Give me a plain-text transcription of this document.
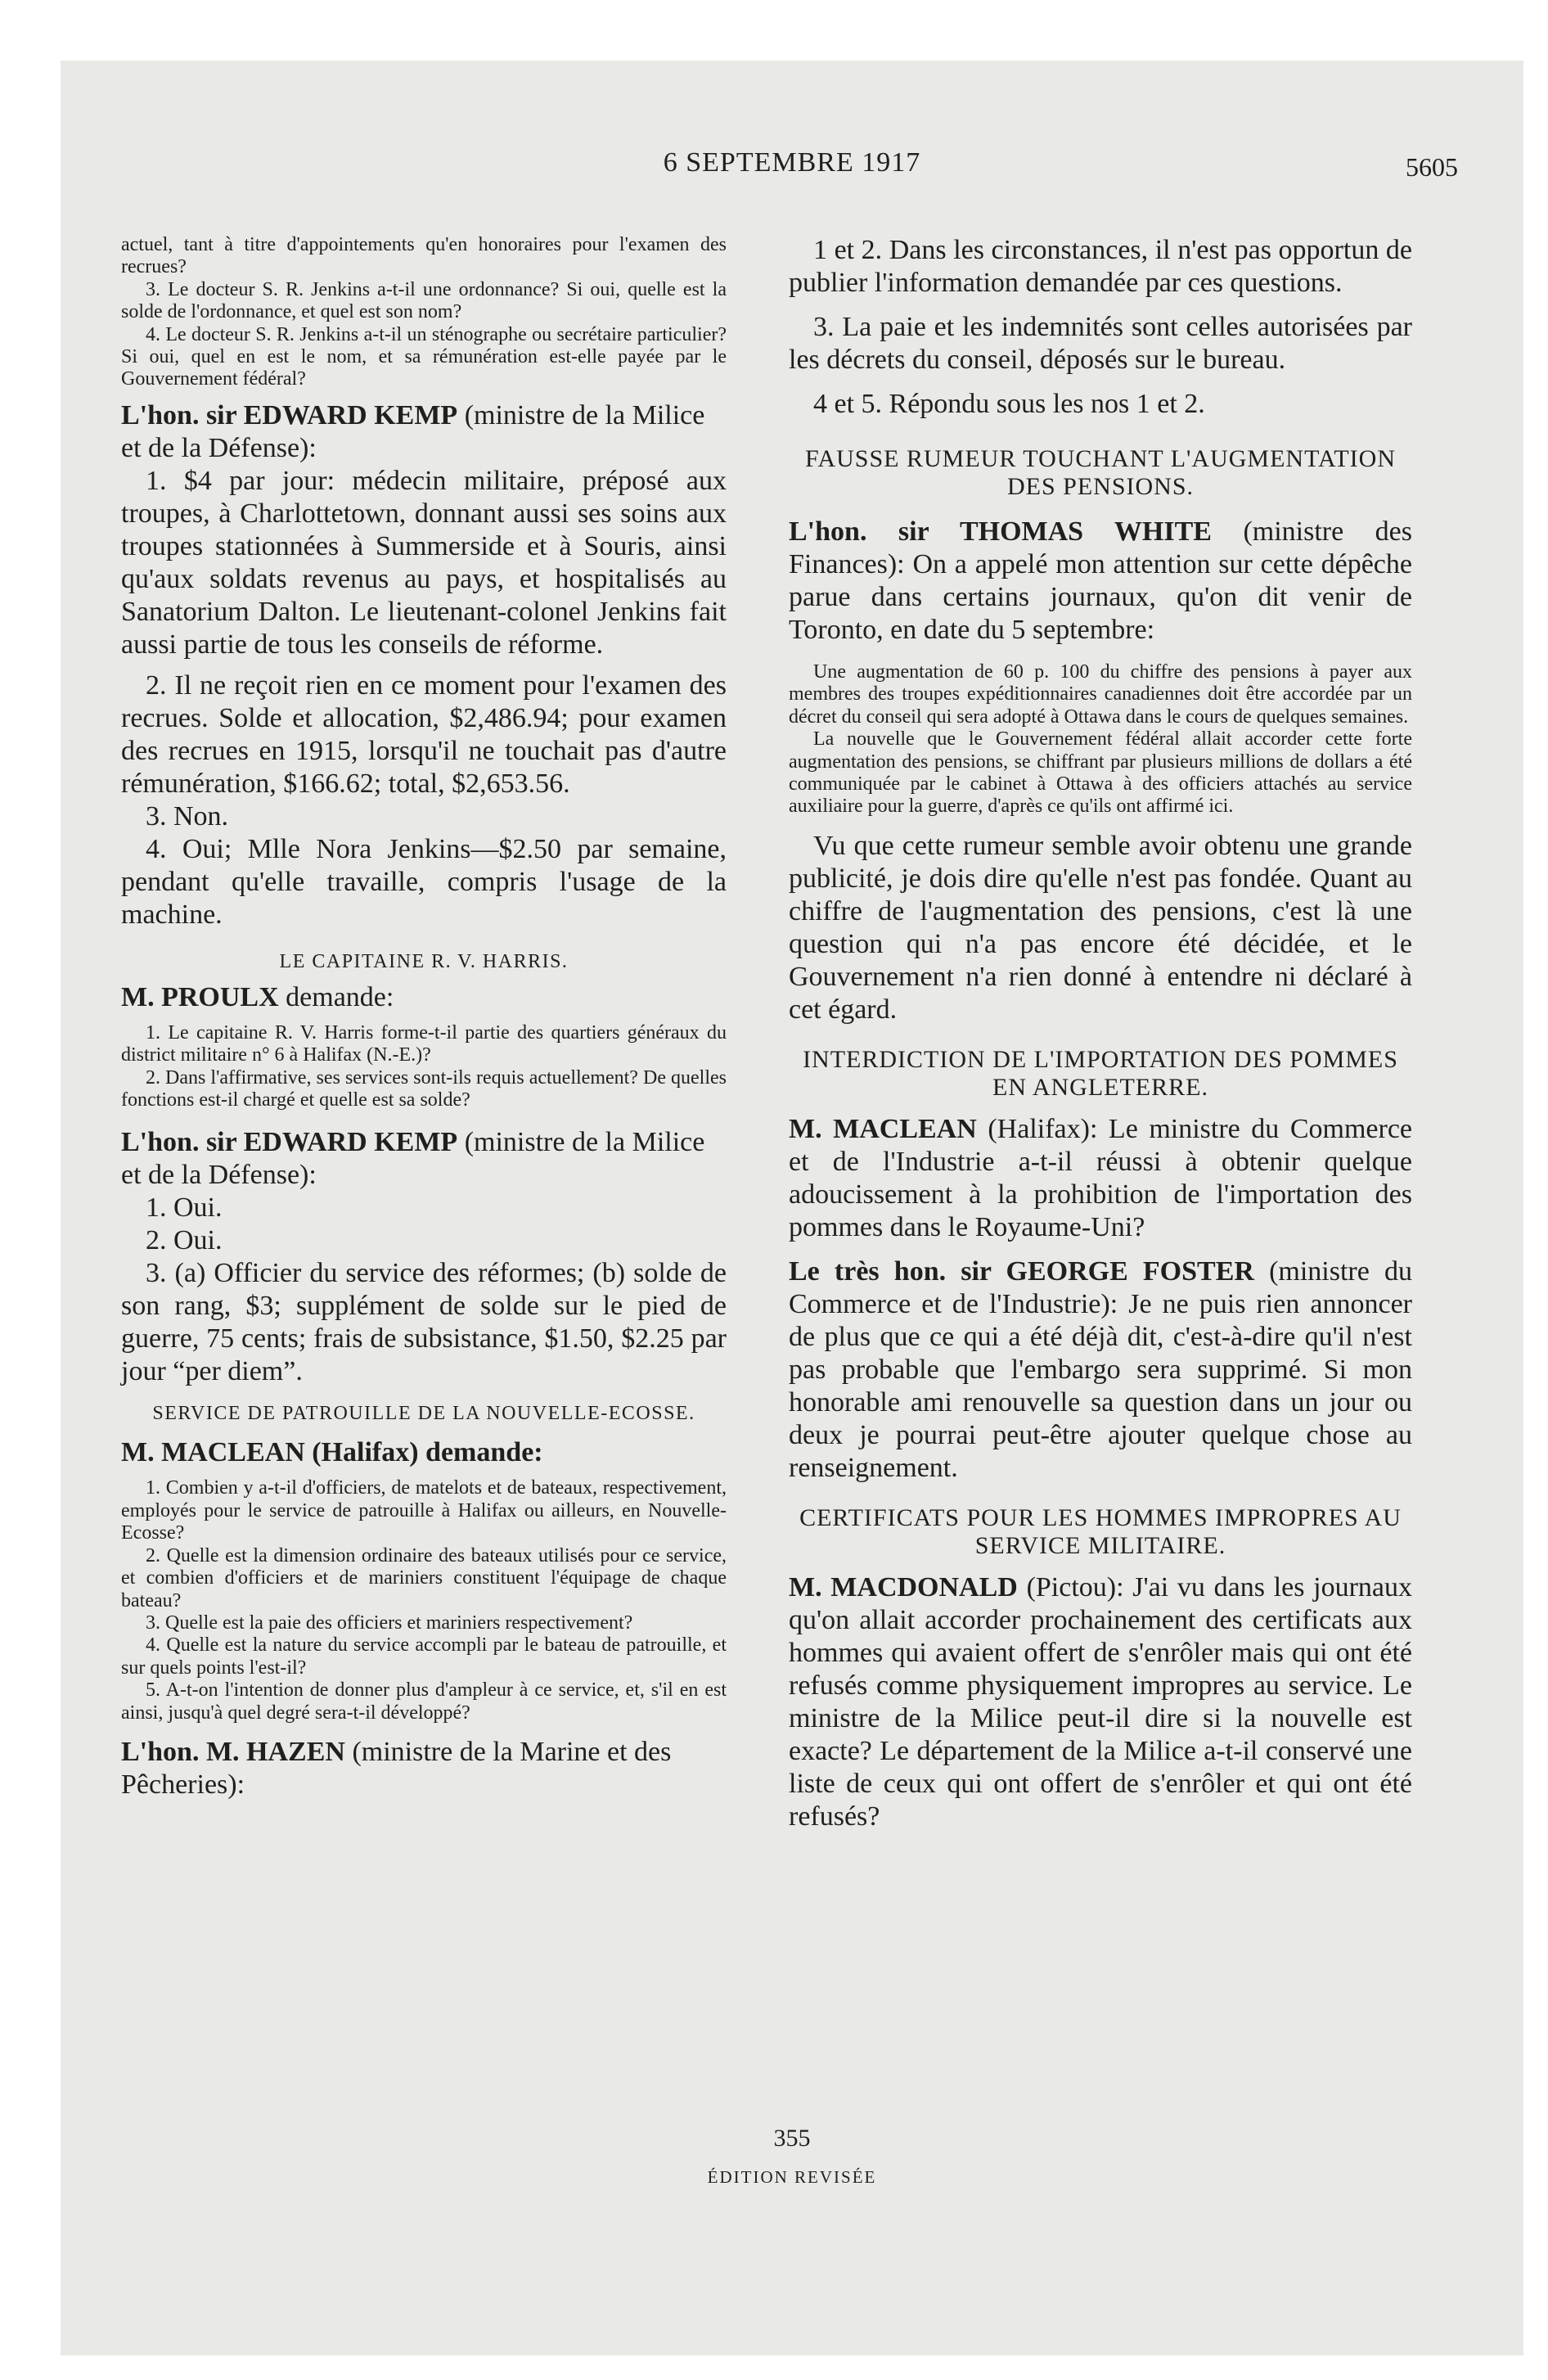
6 SEPTEMBRE 1917	5605

actuel, tant à titre d'appointements qu'en honoraires pour l'examen des recrues?

3. Le docteur S. R. Jenkins a-t-il une ordonnance? Si oui, quelle est la solde de l'ordonnance, et quel est son nom?

4. Le docteur S. R. Jenkins a-t-il un sténographe ou secrétaire particulier? Si oui, quel en est le nom, et sa rémunération est-elle payée par le Gouvernement fédéral?

L'hon. sir EDWARD KEMP (ministre de la Milice et de la Défense):

1. $4 par jour: médecin militaire, préposé aux troupes, à Charlottetown, donnant aussi ses soins aux troupes stationnées à Summerside et à Souris, ainsi qu'aux soldats revenus au pays, et hospitalisés au Sanatorium Dalton. Le lieutenant-colonel Jenkins fait aussi partie de tous les conseils de réforme.

2. Il ne reçoit rien en ce moment pour l'examen des recrues. Solde et allocation, $2,486.94; pour examen des recrues en 1915, lorsqu'il ne touchait pas d'autre rémunération, $166.62; total, $2,653.56.

3. Non.

4. Oui; Mlle Nora Jenkins—$2.50 par semaine, pendant qu'elle travaille, compris l'usage de la machine.

LE CAPITAINE R. V. HARRIS.

M. PROULX demande:

1. Le capitaine R. V. Harris forme-t-il partie des quartiers généraux du district militaire n° 6 à Halifax (N.-E.)?

2. Dans l'affirmative, ses services sont-ils requis actuellement? De quelles fonctions est-il chargé et quelle est sa solde?

L'hon. sir EDWARD KEMP (ministre de la Milice et de la Défense):

1. Oui.

2. Oui.

3. (a) Officier du service des réformes; (b) solde de son rang, $3; supplément de solde sur le pied de guerre, 75 cents; frais de subsistance, $1.50, $2.25 par jour “per diem”.

SERVICE DE PATROUILLE DE LA NOUVELLE-ECOSSE.

M. MACLEAN (Halifax) demande:

1. Combien y a-t-il d'officiers, de matelots et de bateaux, respectivement, employés pour le service de patrouille à Halifax ou ailleurs, en Nouvelle-Ecosse?

2. Quelle est la dimension ordinaire des bateaux utilisés pour ce service, et combien d'officiers et de mariniers constituent l'équipage de chaque bateau?

3. Quelle est la paie des officiers et mariniers respectivement?

4. Quelle est la nature du service accompli par le bateau de patrouille, et sur quels points l'est-il?

5. A-t-on l'intention de donner plus d'ampleur à ce service, et, s'il en est ainsi, jusqu'à quel degré sera-t-il développé?

L'hon. M. HAZEN (ministre de la Marine et des Pêcheries):

1 et 2. Dans les circonstances, il n'est pas opportun de publier l'information demandée par ces questions.

3. La paie et les indemnités sont celles autorisées par les décrets du conseil, déposés sur le bureau.

4 et 5. Répondu sous les nos 1 et 2.

FAUSSE RUMEUR TOUCHANT L'AUGMENTATION DES PENSIONS.

L'hon. sir THOMAS WHITE (ministre des Finances): On a appelé mon attention sur cette dépêche parue dans certains journaux, qu'on dit venir de Toronto, en date du 5 septembre:

Une augmentation de 60 p. 100 du chiffre des pensions à payer aux membres des troupes expéditionnaires canadiennes doit être accordée par un décret du conseil qui sera adopté à Ottawa dans le cours de quelques semaines.

La nouvelle que le Gouvernement fédéral allait accorder cette forte augmentation des pensions, se chiffrant par plusieurs millions de dollars a été communiquée par le cabinet à Ottawa à des officiers attachés au service auxiliaire pour la guerre, d'après ce qu'ils ont affirmé ici.

Vu que cette rumeur semble avoir obtenu une grande publicité, je dois dire qu'elle n'est pas fondée. Quant au chiffre de l'augmentation des pensions, c'est là une question qui n'a pas encore été décidée, et le Gouvernement n'a rien donné à entendre ni déclaré à cet égard.

INTERDICTION DE L'IMPORTATION DES POMMES EN ANGLETERRE.

M. MACLEAN (Halifax): Le ministre du Commerce et de l'Industrie a-t-il réussi à obtenir quelque adoucissement à la prohibition de l'importation des pommes dans le Royaume-Uni?

Le très hon. sir GEORGE FOSTER (ministre du Commerce et de l'Industrie): Je ne puis rien annoncer de plus que ce qui a été déjà dit, c'est-à-dire qu'il n'est pas probable que l'embargo sera supprimé. Si mon honorable ami renouvelle sa question dans un jour ou deux je pourrai peut-être ajouter quelque chose au renseignement.

CERTIFICATS POUR LES HOMMES IMPROPRES AU SERVICE MILITAIRE.

M. MACDONALD (Pictou): J'ai vu dans les journaux qu'on allait accorder prochainement des certificats aux hommes qui avaient offert de s'enrôler mais qui ont été refusés comme physiquement impropres au service. Le ministre de la Milice peut-il dire si la nouvelle est exacte? Le département de la Milice a-t-il conservé une liste de ceux qui ont offert de s'enrôler et qui ont été refusés?

355
ÉDITION REVISÉE
